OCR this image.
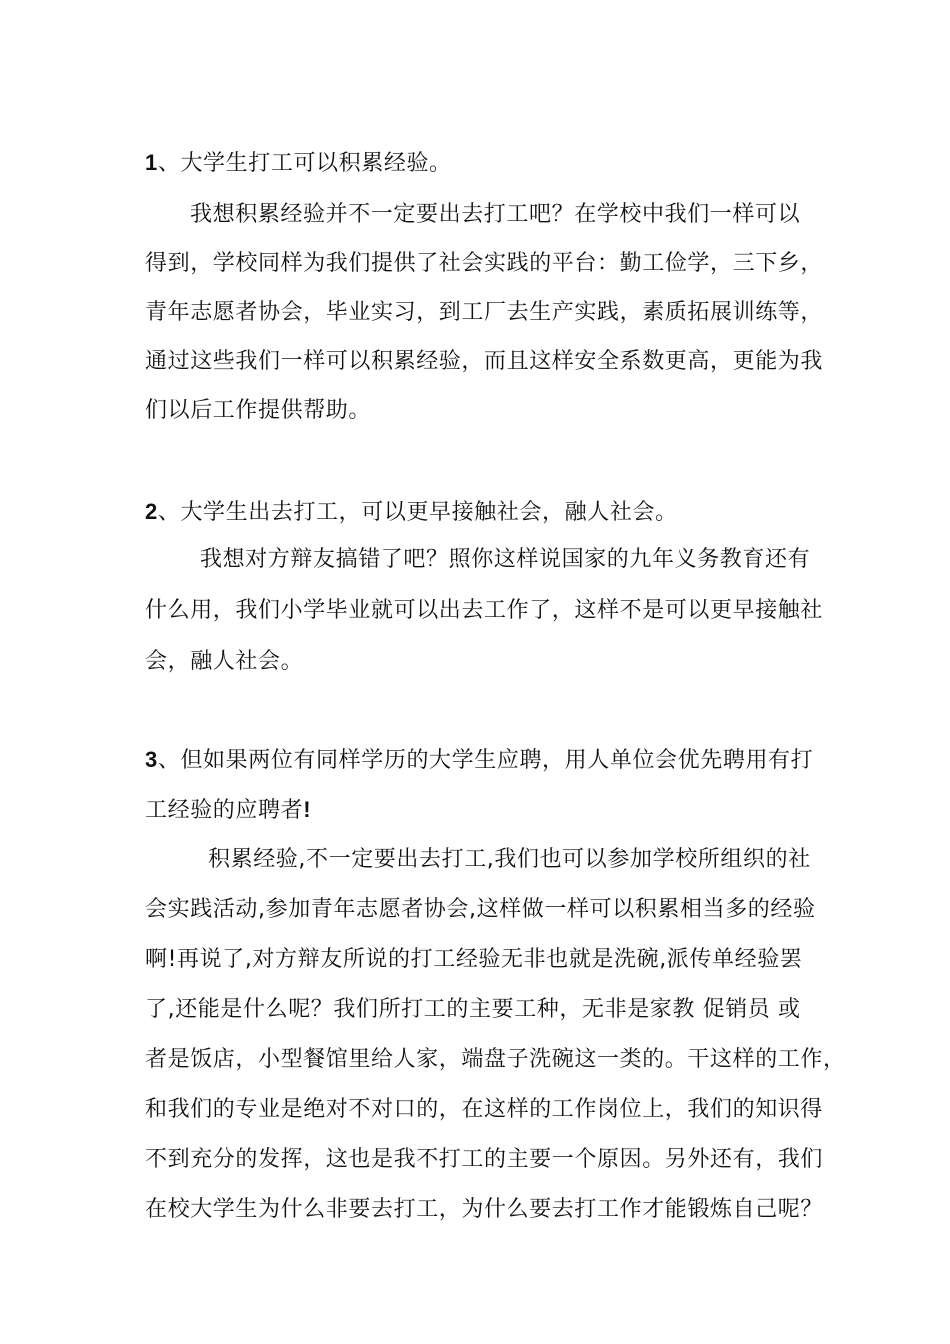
1、大学生打工可以积累经验。
我想积累经验并不一定要出去打工吧？在学校中我们一样可以
得到，学校同样为我们提供了社会实践的平台：勤工俭学，三下乡，
青年志愿者协会，毕业实习，到工厂去生产实践，素质拓展训练等，
通过这些我们一样可以积累经验，而且这样安全系数更高，更能为我
们以后工作提供帮助。
2、大学生出去打工，可以更早接触社会，融人社会。
我想对方辩友搞错了吧？照你这样说国家的九年义务教育还有
什么用，我们小学毕业就可以出去工作了，这样不是可以更早接触社
会，融人社会。
3、但如果两位有同样学历的大学生应聘，用人单位会优先聘用有打
工经验的应聘者!
积累经验,不一定要出去打工,我们也可以参加学校所组织的社
会实践活动,参加青年志愿者协会,这样做一样可以积累相当多的经验
啊!再说了,对方辩友所说的打工经验无非也就是洗碗,派传单经验罢
了,还能是什么呢？我们所打工的主要工种，无非是家教 促销员 或
者是饭店，小型餐馆里给人家，端盘子洗碗这一类的。干这样的工作，
和我们的专业是绝对不对口的，在这样的工作岗位上，我们的知识得
不到充分的发挥，这也是我不打工的主要一个原因。另外还有，我们
在校大学生为什么非要去打工，为什么要去打工作才能锻炼自己呢？
